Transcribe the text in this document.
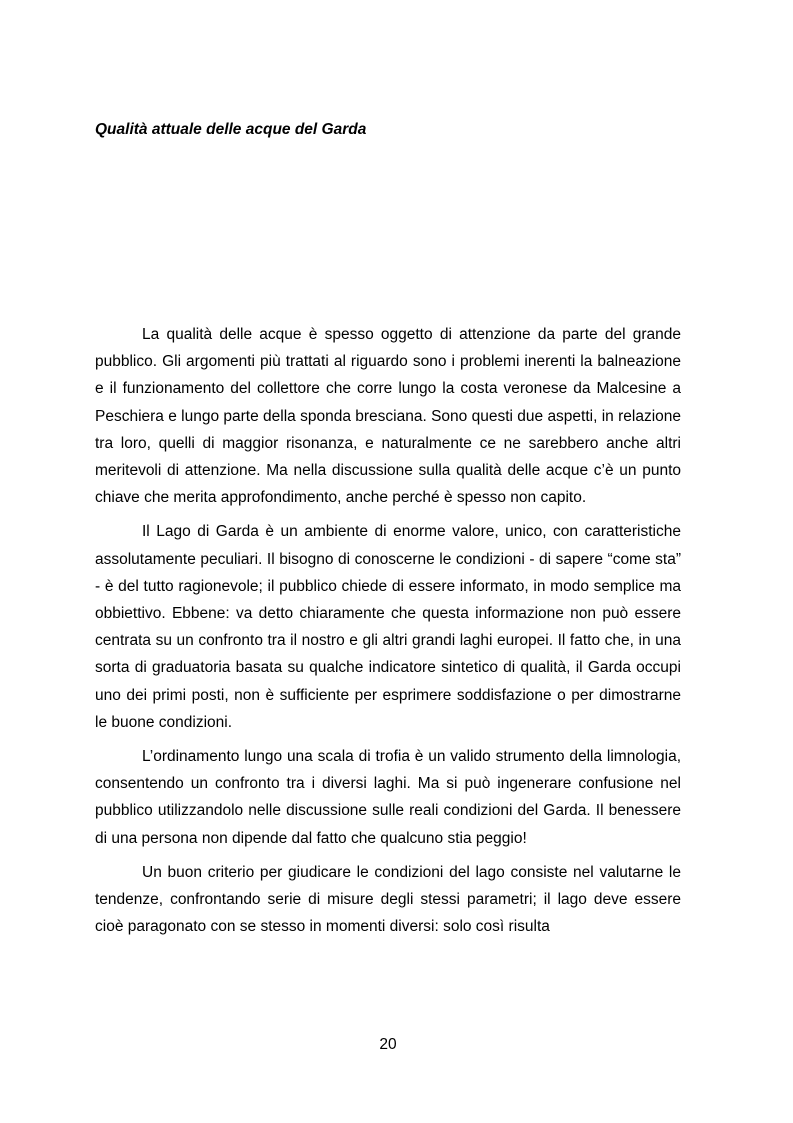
Qualità attuale delle acque del Garda

La qualità delle acque è spesso oggetto di attenzione da parte del grande pubblico. Gli argomenti più trattati al riguardo sono i problemi inerenti la balneazione e il funzionamento del collettore che corre lungo la costa veronese da Malcesine a Peschiera e lungo parte della sponda bresciana. Sono questi due aspetti, in relazione tra loro, quelli di maggior risonanza, e naturalmente ce ne sarebbero anche altri meritevoli di attenzione. Ma nella discussione sulla qualità delle acque c’è un punto chiave che merita approfondimento, anche perché è spesso non capito.

Il Lago di Garda è un ambiente di enorme valore, unico, con caratteristiche assolutamente peculiari. Il bisogno di conoscerne le condizioni - di sapere “come sta” - è del tutto ragionevole; il pubblico chiede di essere informato, in modo semplice ma obbiettivo. Ebbene: va detto chiaramente che questa informazione non può essere centrata su un confronto tra il nostro e gli altri grandi laghi europei. Il fatto che, in una sorta di graduatoria basata su qualche indicatore sintetico di qualità, il Garda occupi uno dei primi posti, non è sufficiente per esprimere soddisfazione o per dimostrarne le buone condizioni.

L’ordinamento lungo una scala di trofia è un valido strumento della limnologia, consentendo un confronto tra i diversi laghi. Ma si può ingenerare confusione nel pubblico utilizzandolo nelle discussione sulle reali condizioni del Garda. Il benessere di una persona non dipende dal fatto che qualcuno stia peggio!

Un buon criterio per giudicare le condizioni del lago consiste nel valutarne le tendenze, confrontando serie di misure degli stessi parametri; il lago deve essere cioè paragonato con se stesso in momenti diversi: solo così risulta

20
